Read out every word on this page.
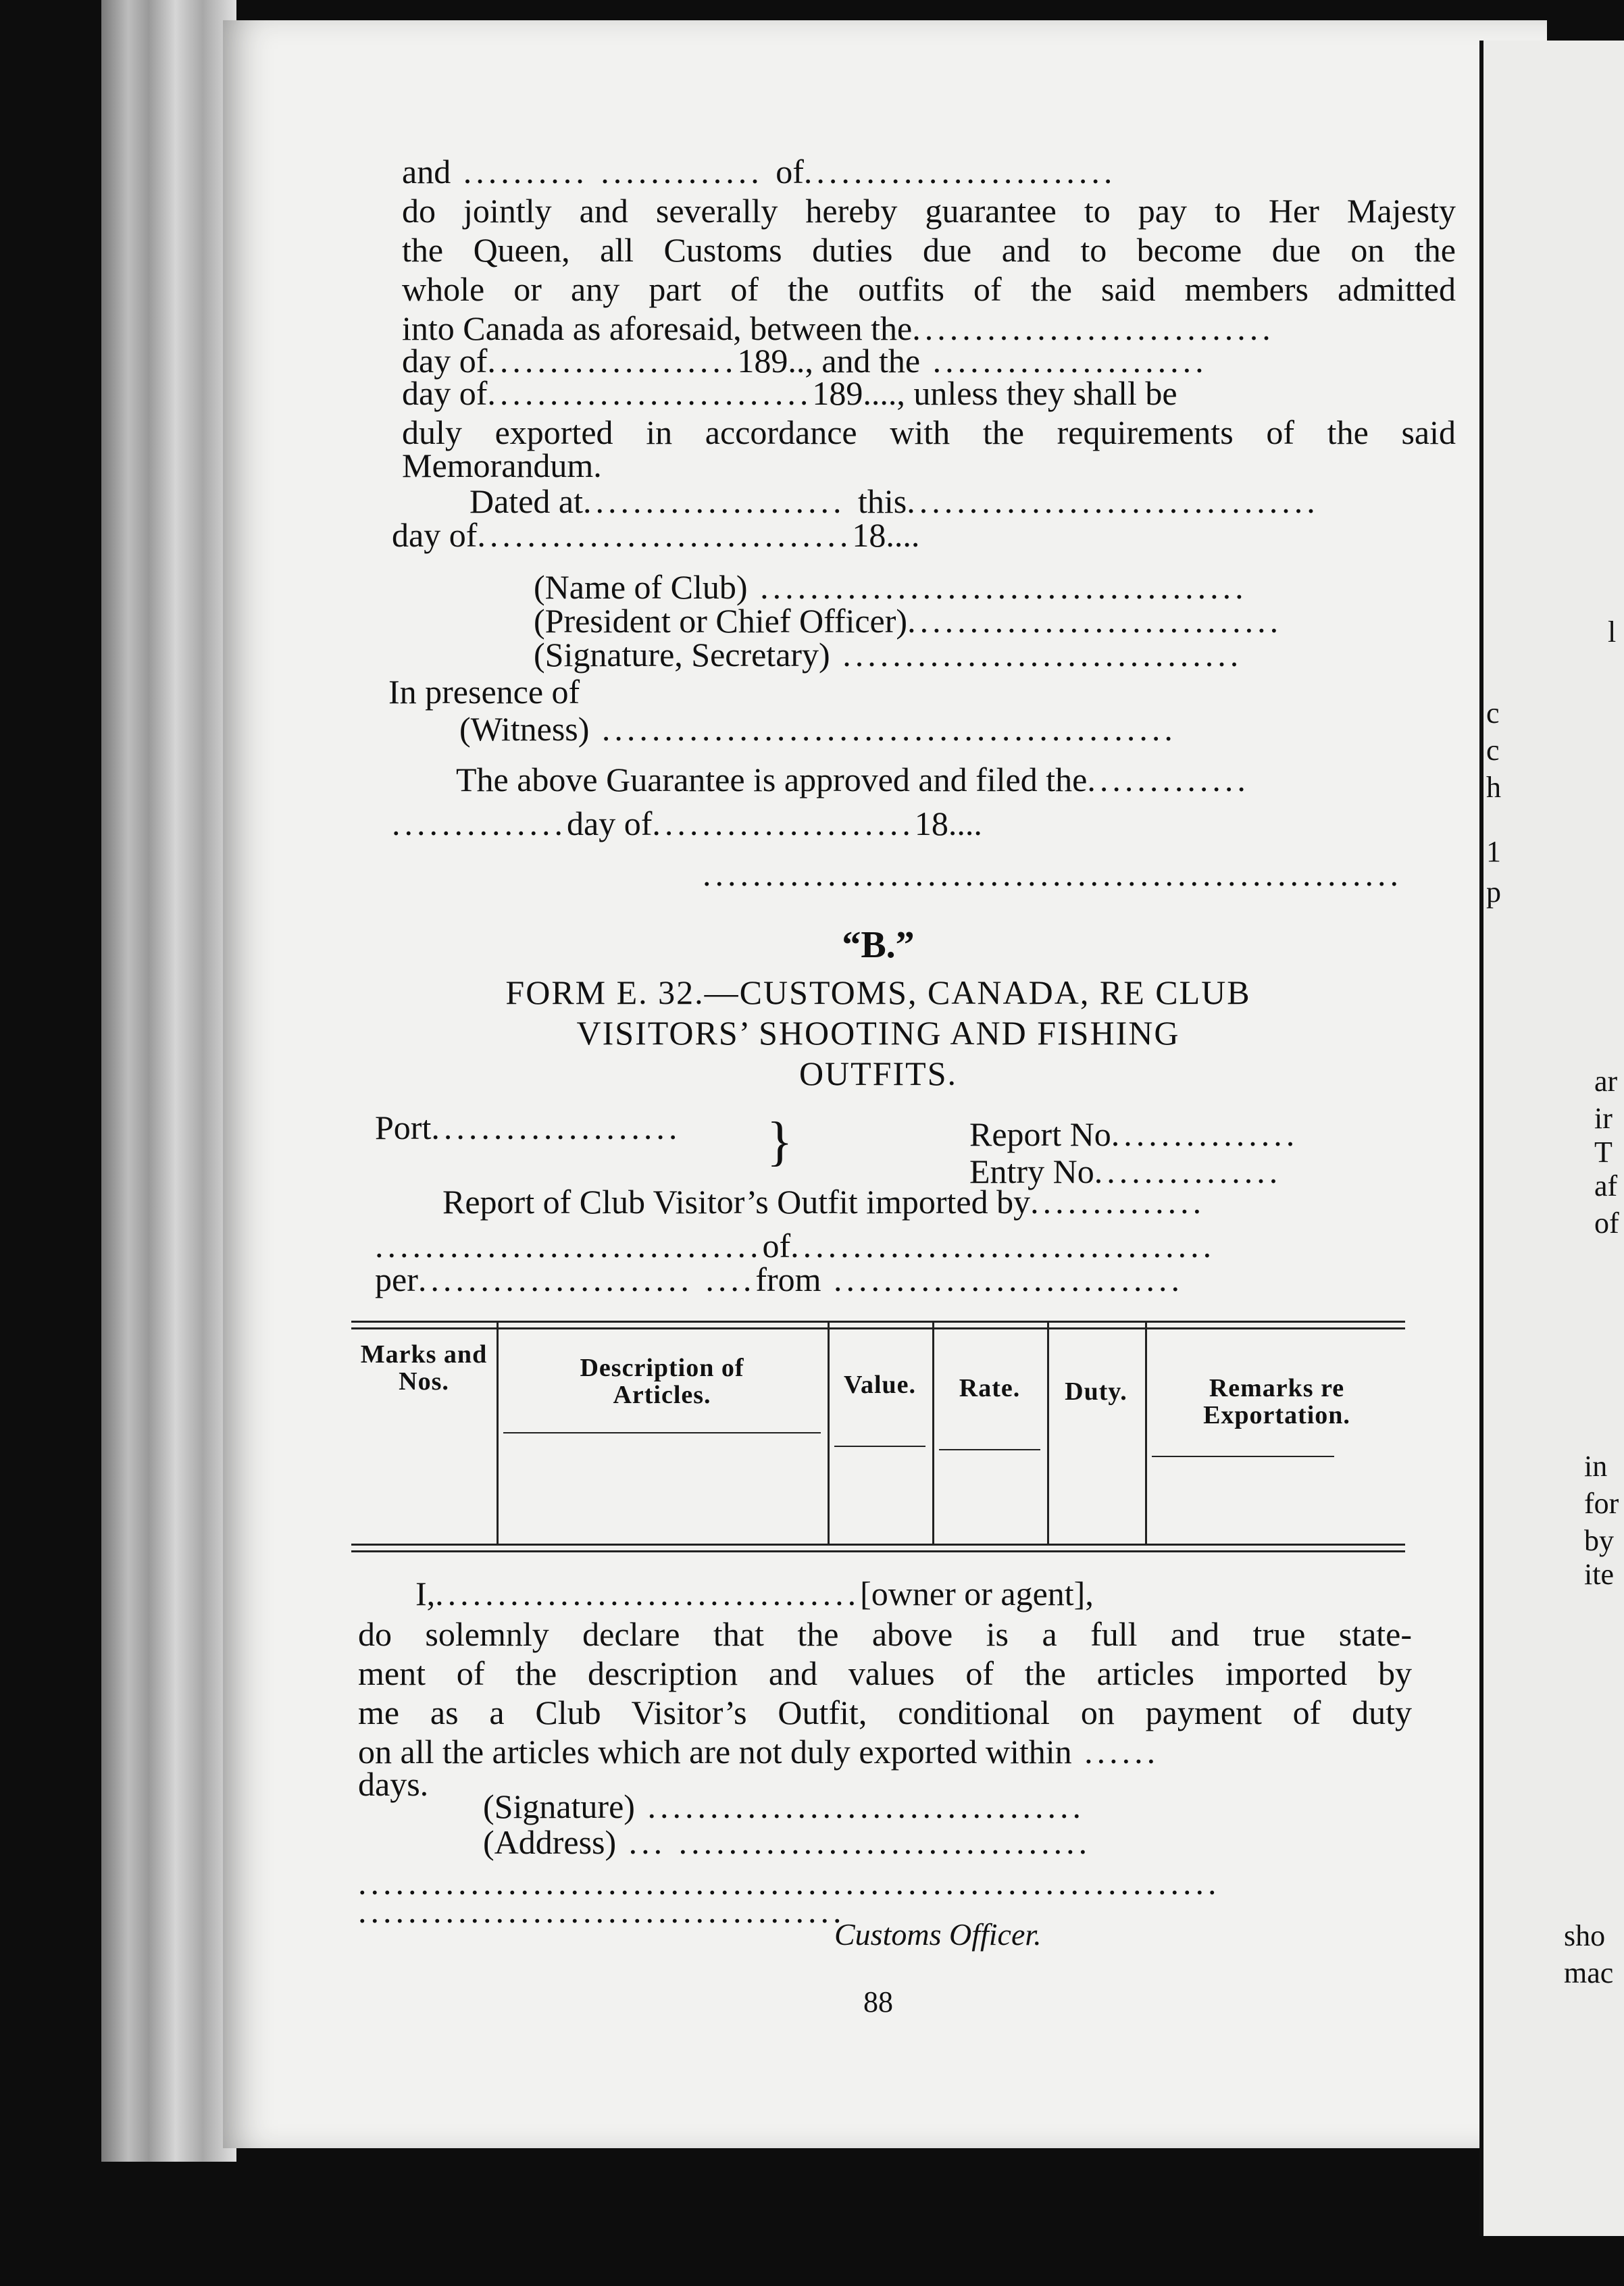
l
c
c
h
1
p
ar
ir
T
af
of
in
for
by
ite
sho
mac
and .......... ............. of.........................
do jointly and severally hereby guarantee to pay to Her Majesty
the Queen, all Customs duties due and to become due on the
whole or any part of the outfits of the said members admitted
into Canada as aforesaid, between the.............................
day of....................189.., and the ......................
day of..........................189...., unless they shall be
duly exported in accordance with the requirements of the said
Memorandum.
Dated at..................... this.................................
day of..............................18....
(Name of Club) .......................................
(President or Chief Officer)..............................
(Signature, Secretary) ................................
In presence of
(Witness) ..............................................
The above Guarantee is approved and filed the.............
..............day of.....................18....
........................................................
“B.”
FORM E. 32.—CUSTOMS, CANADA, RE CLUB
VISITORS’ SHOOTING AND FISHING
OUTFITS.
Port....................	}	Report No...............
Entry No...............
Report of Club Visitor’s Outfit imported by..............
...............................of..................................
per...................... ....from ............................
Marks and Nos.	Description of Articles.	Value.	Rate.	Duty.	Remarks re Exportation.
I,..................................[owner or agent],
do solemnly declare that the above is a full and true state-
ment of the description and values of the articles imported by
me as a Club Visitor’s Outfit, conditional on payment of duty
on all the articles which are not duly exported within ......
days.
(Signature) ...................................
(Address) ... .................................
.....................................................................
.......................................
Customs Officer.
88
